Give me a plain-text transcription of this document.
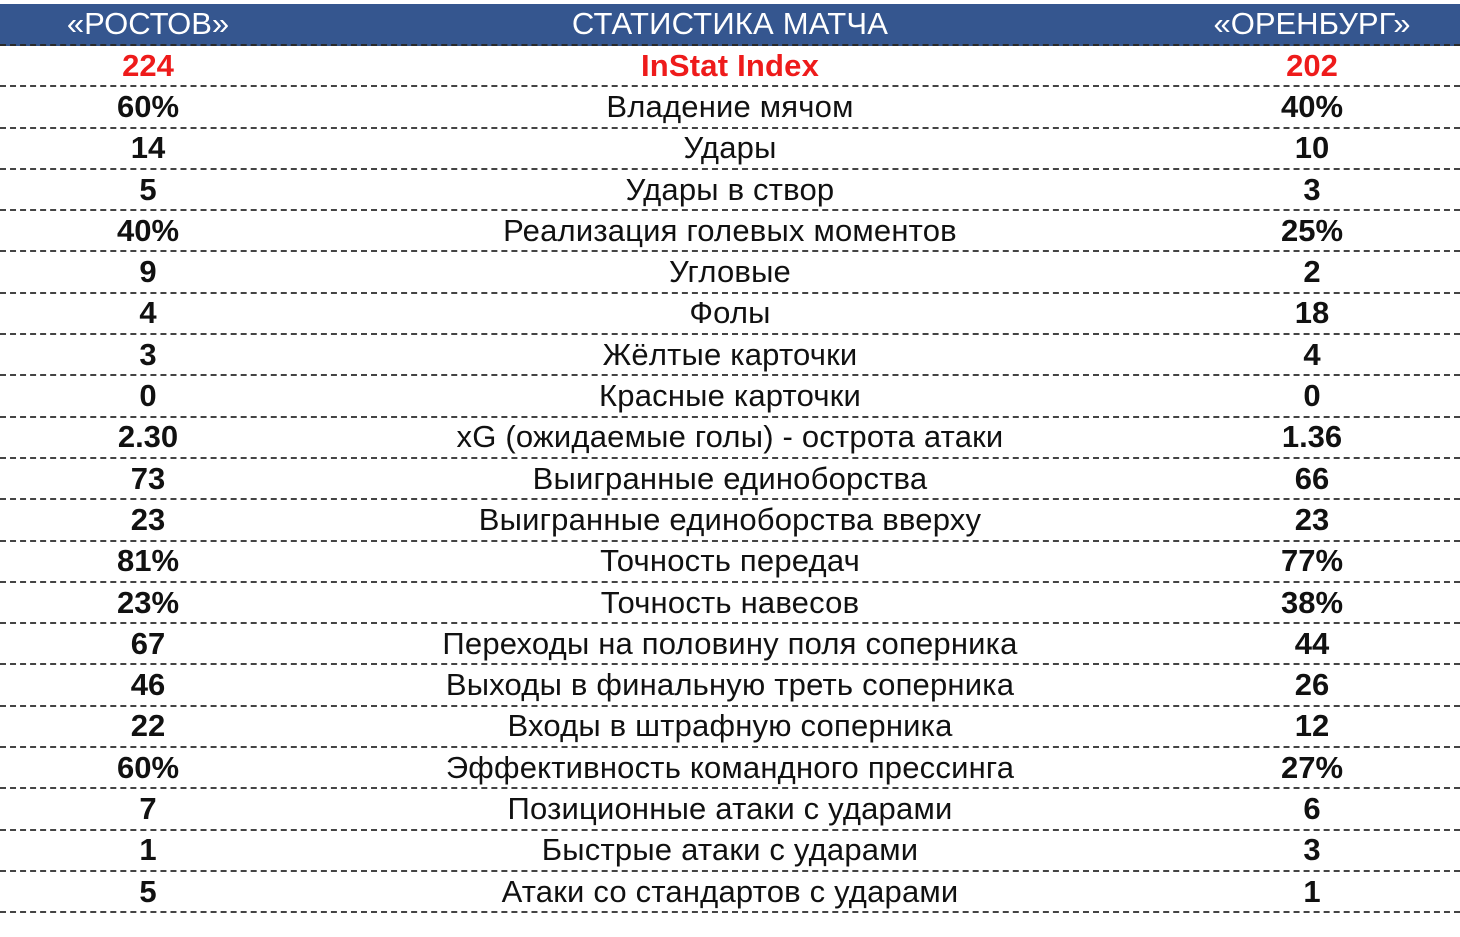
«РОСТОВ»	СТАТИСТИКА МАТЧА	«ОРЕНБУРГ»
224	InStat Index	202
60%	Владение мячом	40%
14	Удары	10
5	Удары в створ	3
40%	Реализация голевых моментов	25%
9	Угловые	2
4	Фолы	18
3	Жёлтые карточки	4
0	Красные карточки	0
2.30	xG (ожидаемые голы) - острота атаки	1.36
73	Выигранные единоборства	66
23	Выигранные единоборства вверху	23
81%	Точность передач	77%
23%	Точность навесов	38%
67	Переходы на половину поля соперника	44
46	Выходы в финальную треть соперника	26
22	Входы в штрафную соперника	12
60%	Эффективность командного прессинга	27%
7	Позиционные атаки с ударами	6
1	Быстрые атаки с ударами	3
5	Атаки со стандартов с ударами	1
